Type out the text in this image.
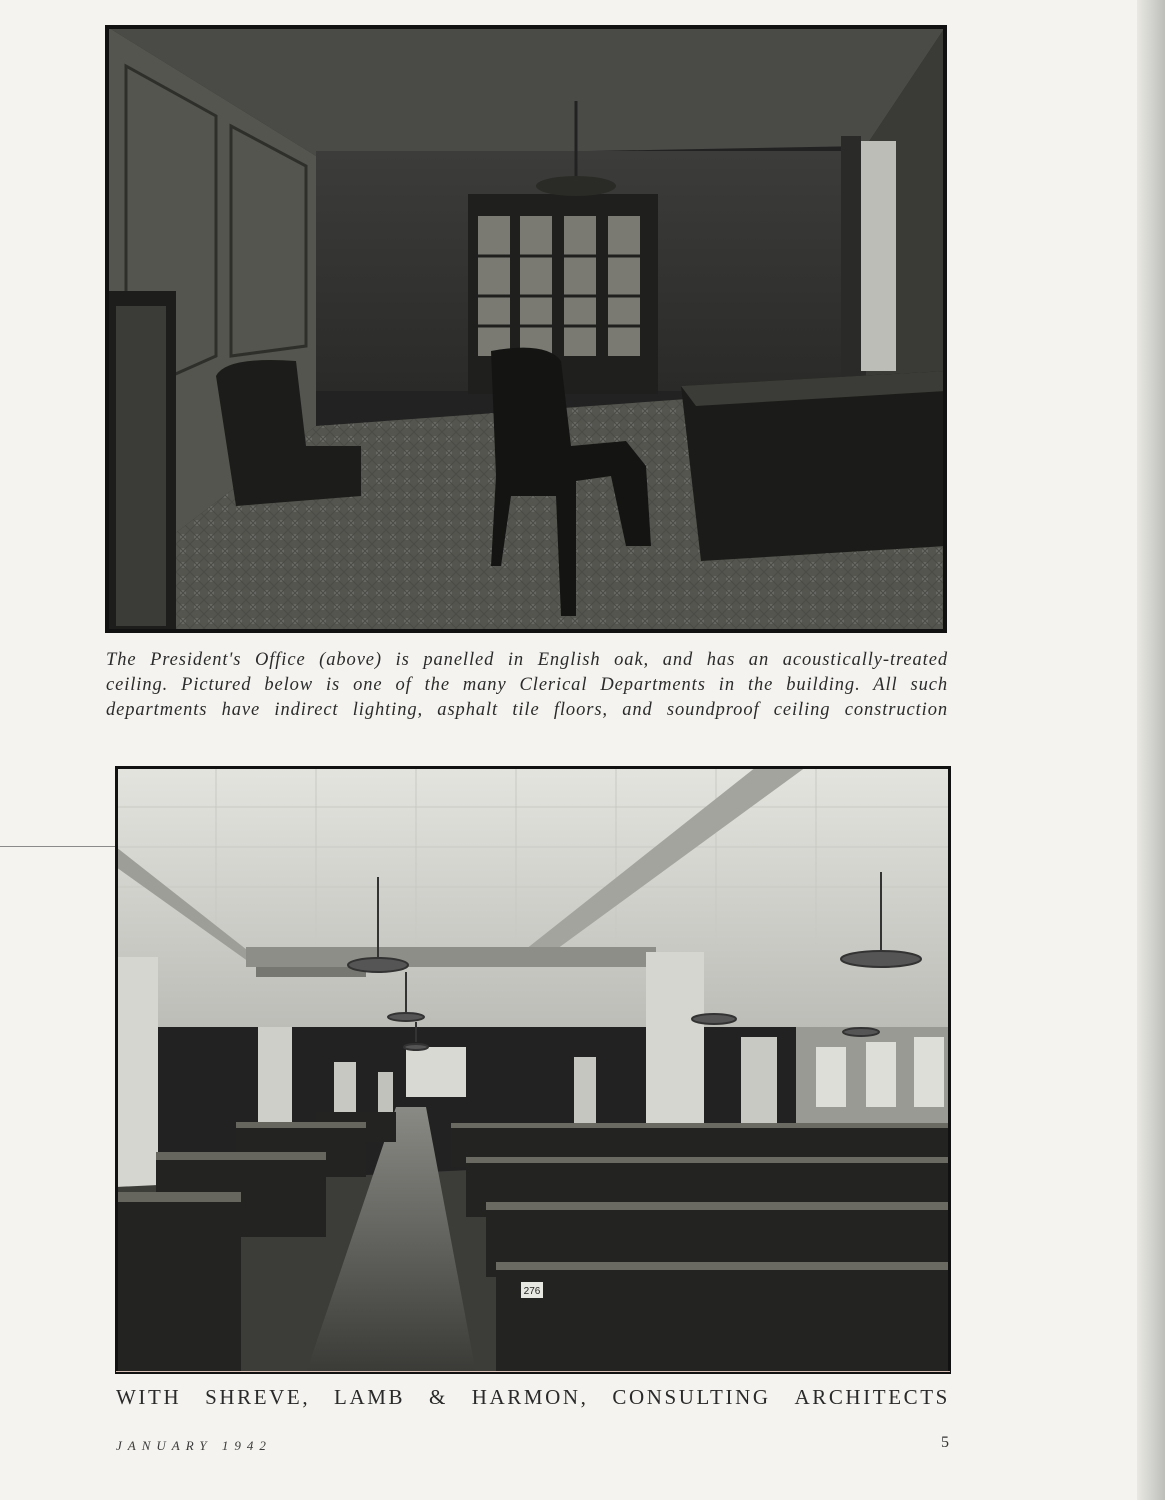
The President's Office (above) is panelled in English oak, and has an acoustically-treated
ceiling. Pictured below is one of the many Clerical Departments in the building. All such
departments have indirect lighting, asphalt tile floors, and soundproof ceiling construction
276
WITH SHREVE, LAMB & HARMON, CONSULTING ARCHITECTS
JANUARY 1942	5
